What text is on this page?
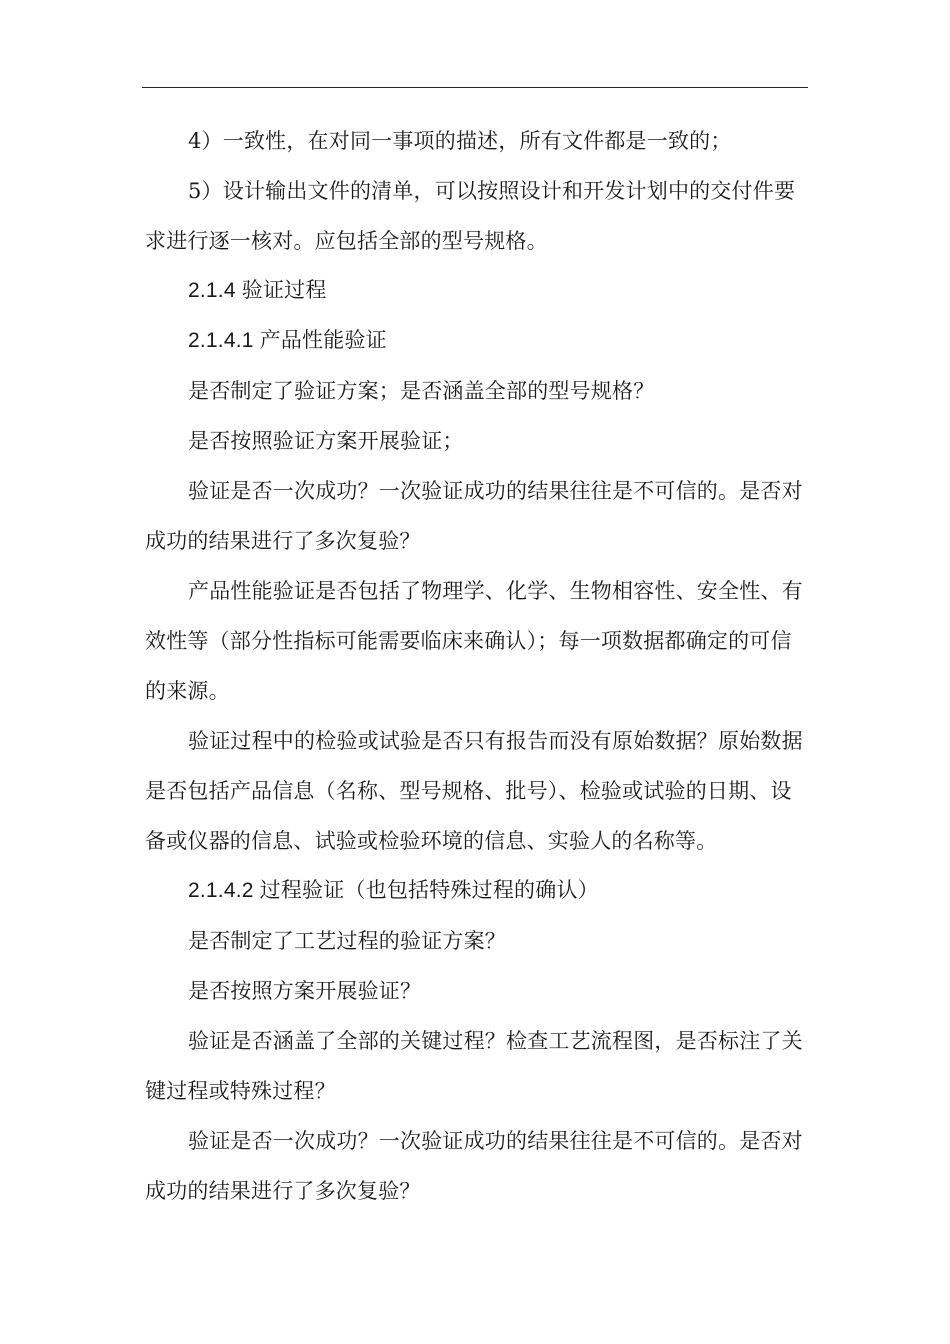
4）一致性，在对同一事项的描述，所有文件都是一致的；

5）设计输出文件的清单，可以按照设计和开发计划中的交付件要求进行逐一核对。应包括全部的型号规格。

2.1.4 验证过程

2.1.4.1 产品性能验证

是否制定了验证方案；是否涵盖全部的型号规格？

是否按照验证方案开展验证；

验证是否一次成功？一次验证成功的结果往往是不可信的。是否对成功的结果进行了多次复验？

产品性能验证是否包括了物理学、化学、生物相容性、安全性、有效性等（部分性指标可能需要临床来确认）；每一项数据都确定的可信的来源。

验证过程中的检验或试验是否只有报告而没有原始数据？原始数据是否包括产品信息（名称、型号规格、批号）、检验或试验的日期、设备或仪器的信息、试验或检验环境的信息、实验人的名称等。

2.1.4.2 过程验证（也包括特殊过程的确认）

是否制定了工艺过程的验证方案？

是否按照方案开展验证？

验证是否涵盖了全部的关键过程？检查工艺流程图，是否标注了关键过程或特殊过程？

验证是否一次成功？一次验证成功的结果往往是不可信的。是否对成功的结果进行了多次复验？
